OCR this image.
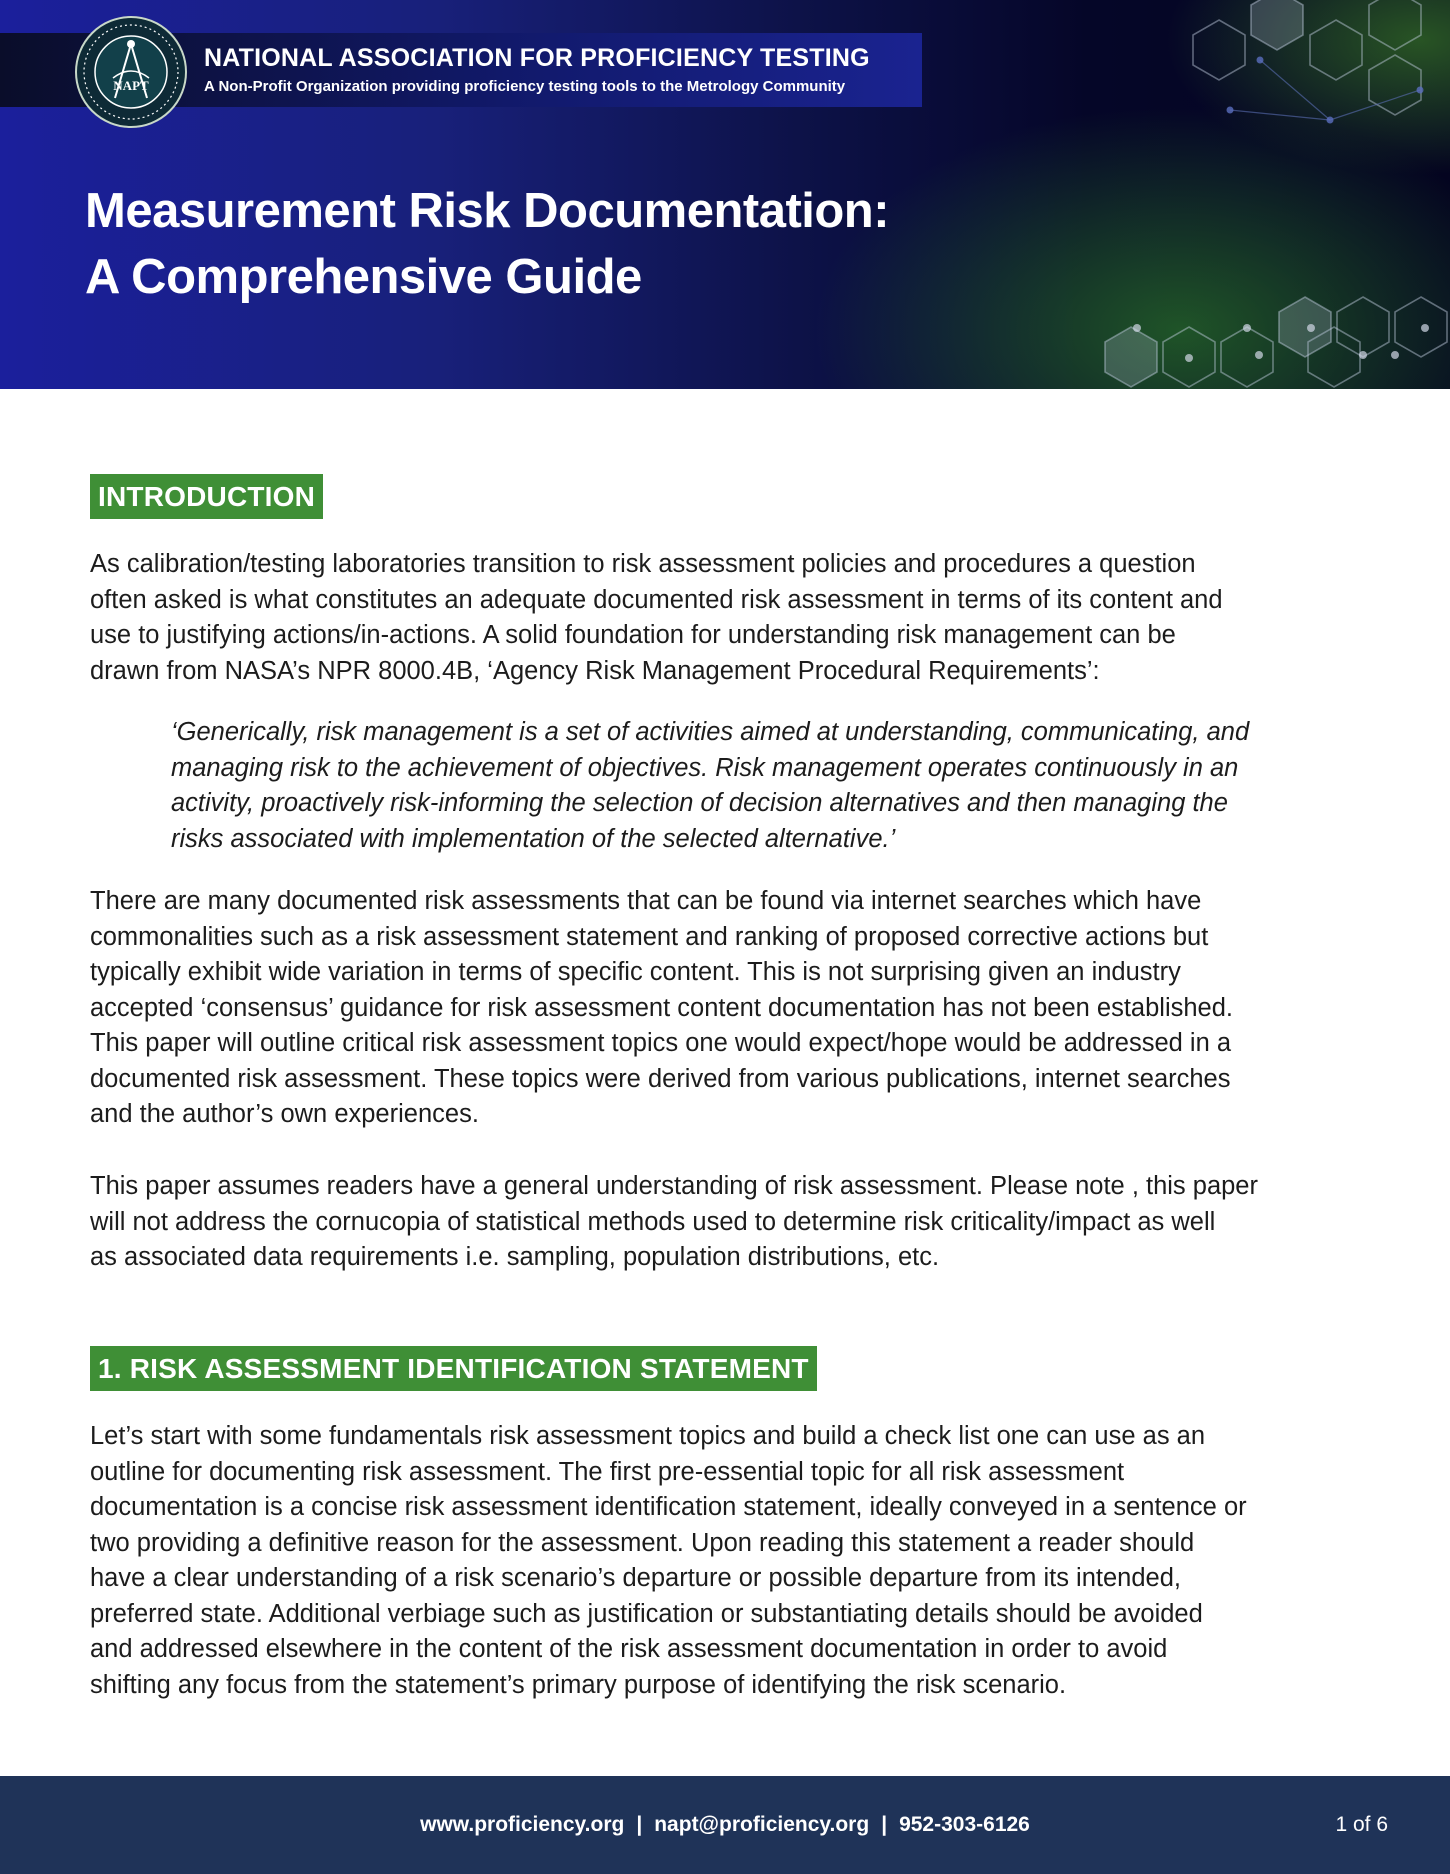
NAPT
NATIONAL ASSOCIATION FOR PROFICIENCY TESTING
A Non-Profit Organization providing proficiency testing tools to the Metrology Community
Measurement Risk Documentation:
A Comprehensive Guide
INTRODUCTION
As calibration/testing laboratories transition to risk assessment policies and procedures a question
often asked is what constitutes an adequate documented risk assessment in terms of its content and
use to justifying actions/in-actions. A solid foundation for understanding risk management can be
drawn from NASA’s NPR 8000.4B, ‘Agency Risk Management Procedural Requirements’:
‘Generically, risk management is a set of activities aimed at understanding, communicating, and
managing risk to the achievement of objectives. Risk management operates continuously in an
activity, proactively risk-informing the selection of decision alternatives and then managing the
risks associated with implementation of the selected alternative.’
There are many documented risk assessments that can be found via internet searches which have
commonalities such as a risk assessment statement and ranking of proposed corrective actions but
typically exhibit wide variation in terms of specific content. This is not surprising given an industry
accepted ‘consensus’ guidance for risk assessment content documentation has not been established.
This paper will outline critical risk assessment topics one would expect/hope would be addressed in a
documented risk assessment. These topics were derived from various publications, internet searches
and the author’s own experiences.
This paper assumes readers have a general understanding of risk assessment. Please note , this paper
will not address the cornucopia of statistical methods used to determine risk criticality/impact as well
as associated data requirements i.e. sampling, population distributions, etc.
1. RISK ASSESSMENT IDENTIFICATION STATEMENT
Let’s start with some fundamentals risk assessment topics and build a check list one can use as an
outline for documenting risk assessment. The first pre-essential topic for all risk assessment
documentation is a concise risk assessment identification statement, ideally conveyed in a sentence or
two providing a definitive reason for the assessment. Upon reading this statement a reader should
have a clear understanding of a risk scenario’s departure or possible departure from its intended,
preferred state. Additional verbiage such as justification or substantiating details should be avoided
and addressed elsewhere in the content of the risk assessment documentation in order to avoid
shifting any focus from the statement’s primary purpose of identifying the risk scenario.
www.proficiency.org | napt@proficiency.org | 952-303-6126	1 of 6
